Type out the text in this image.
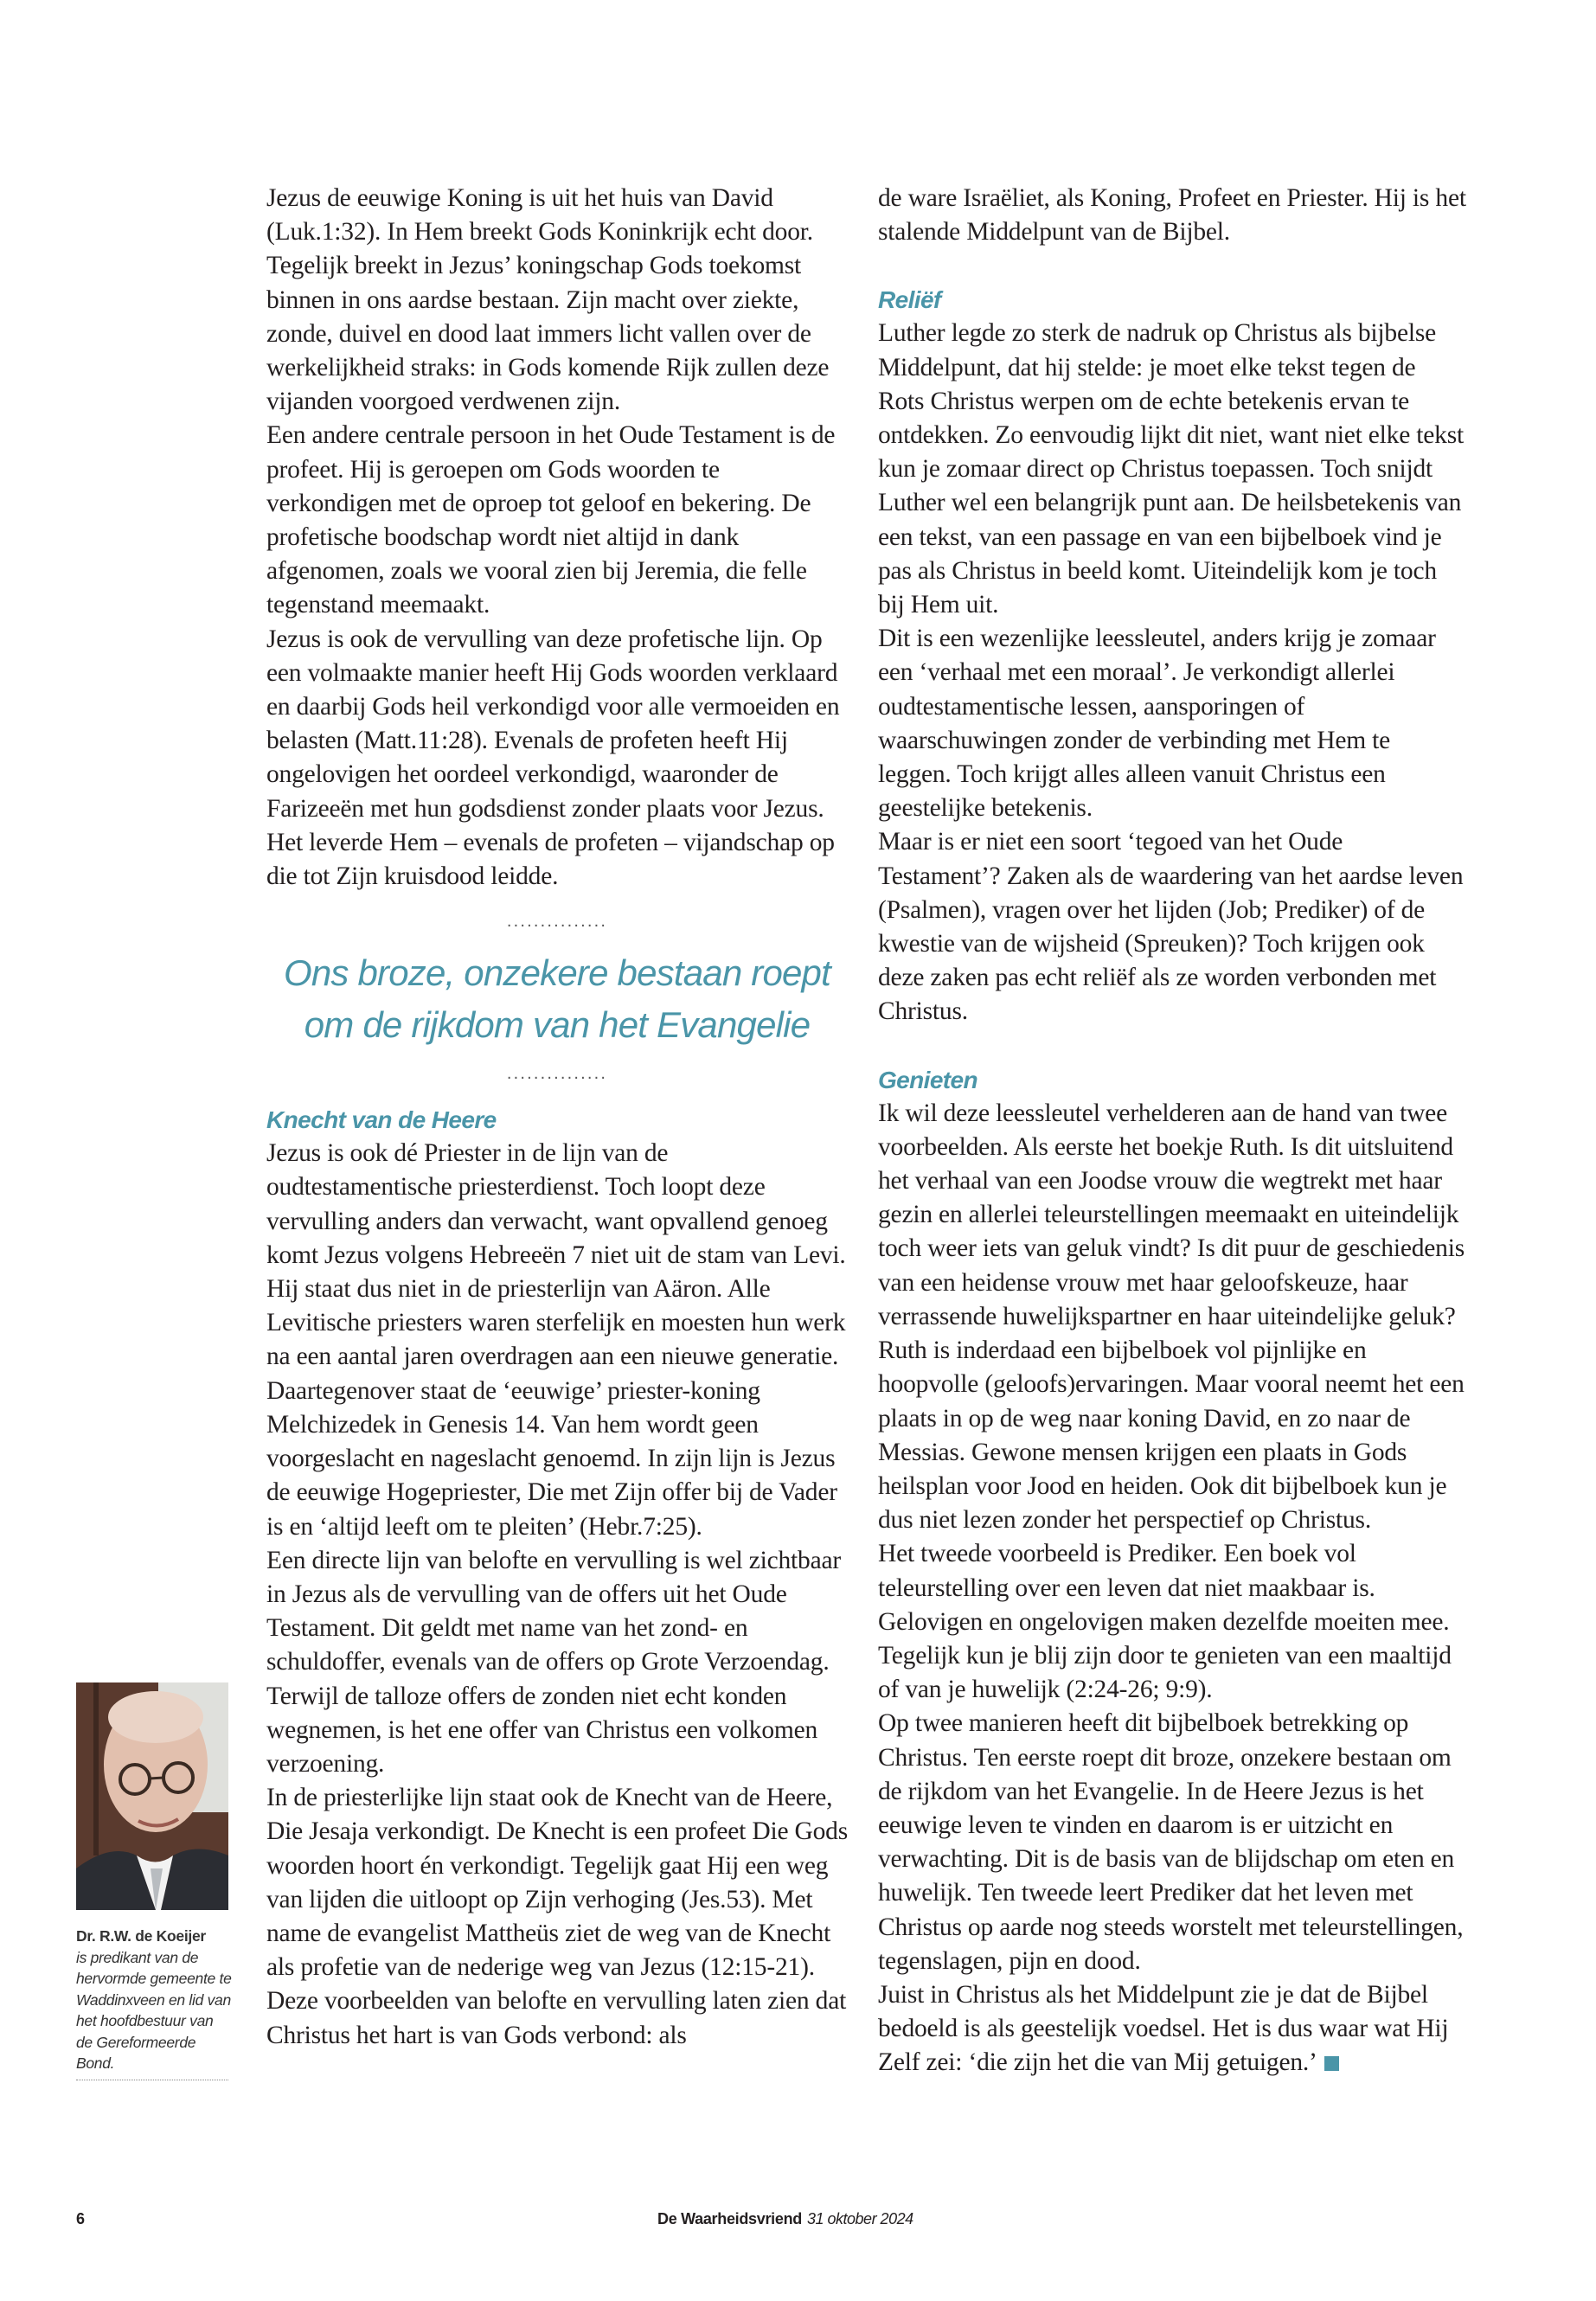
Jezus de eeuwige Koning is uit het huis van David (Luk.1:32). In Hem breekt Gods Koninkrijk echt door. Tegelijk breekt in Jezus’ koningschap Gods toekomst binnen in ons aardse bestaan. Zijn macht over ziekte, zonde, duivel en dood laat immers licht vallen over de werkelijkheid straks: in Gods komende Rijk zullen deze vijanden voorgoed verdwenen zijn.

Een andere centrale persoon in het Oude Testament is de profeet. Hij is geroepen om Gods woorden te verkondigen met de oproep tot geloof en bekering. De profetische boodschap wordt niet altijd in dank afgenomen, zoals we vooral zien bij Jeremia, die felle tegenstand meemaakt.

Jezus is ook de vervulling van deze profetische lijn. Op een volmaakte manier heeft Hij Gods woorden verklaard en daarbij Gods heil verkondigd voor alle vermoeiden en belasten (Matt.11:28). Evenals de profeten heeft Hij ongelovigen het oordeel verkondigd, waaronder de Farizeeën met hun godsdienst zonder plaats voor Jezus. Het leverde Hem – evenals de profeten – vijandschap op die tot Zijn kruisdood leidde.

...............
Ons broze, onzekere bestaan roept
om de rijkdom van het Evangelie
...............
Knecht van de Heere

Jezus is ook dé Priester in de lijn van de oudtestamentische priesterdienst. Toch loopt deze vervulling anders dan verwacht, want opvallend genoeg komt Jezus volgens Hebreeën 7 niet uit de stam van Levi. Hij staat dus niet in de priesterlijn van Aäron. Alle Levitische priesters waren sterfelijk en moesten hun werk na een aantal jaren overdragen aan een nieuwe generatie.

Daartegenover staat de ‘eeuwige’ priester-koning Melchizedek in Genesis 14. Van hem wordt geen voorgeslacht en nageslacht genoemd. In zijn lijn is Jezus de eeuwige Hogepriester, Die met Zijn offer bij de Vader is en ‘altijd leeft om te pleiten’ (Hebr.7:25).

Een directe lijn van belofte en vervulling is wel zichtbaar in Jezus als de vervulling van de offers uit het Oude Testament. Dit geldt met name van het zond- en schuldoffer, evenals van de offers op Grote Verzoendag. Terwijl de talloze offers de zonden niet echt konden wegnemen, is het ene offer van Christus een volkomen verzoening.

In de priesterlijke lijn staat ook de Knecht van de Heere, Die Jesaja verkondigt. De Knecht is een profeet Die Gods woorden hoort én verkondigt. Tegelijk gaat Hij een weg van lijden die uitloopt op Zijn verhoging (Jes.53). Met name de evangelist Mattheüs ziet de weg van de Knecht als profetie van de nederige weg van Jezus (12:15-21).

Deze voorbeelden van belofte en vervulling laten zien dat Christus het hart is van Gods verbond: als

de ware Israëliet, als Koning, Profeet en Priester. Hij is het stalende Middelpunt van de Bijbel.

Reliëf

Luther legde zo sterk de nadruk op Christus als bijbelse Middelpunt, dat hij stelde: je moet elke tekst tegen de Rots Christus werpen om de echte betekenis ervan te ontdekken. Zo eenvoudig lijkt dit niet, want niet elke tekst kun je zomaar direct op Christus toepassen. Toch snijdt Luther wel een belangrijk punt aan. De heilsbetekenis van een tekst, van een passage en van een bijbelboek vind je pas als Christus in beeld komt. Uiteindelijk kom je toch bij Hem uit.

Dit is een wezenlijke leessleutel, anders krijg je zomaar een ‘verhaal met een moraal’. Je verkondigt allerlei oudtestamentische lessen, aansporingen of waarschuwingen zonder de verbinding met Hem te leggen. Toch krijgt alles alleen vanuit Christus een geestelijke betekenis.

Maar is er niet een soort ‘tegoed van het Oude Testament’? Zaken als de waardering van het aardse leven (Psalmen), vragen over het lijden (Job; Prediker) of de kwestie van de wijsheid (Spreuken)? Toch krijgen ook deze zaken pas echt reliëf als ze worden verbonden met Christus.

Genieten

Ik wil deze leessleutel verhelderen aan de hand van twee voorbeelden. Als eerste het boekje Ruth. Is dit uitsluitend het verhaal van een Joodse vrouw die wegtrekt met haar gezin en allerlei teleurstellingen meemaakt en uiteindelijk toch weer iets van geluk vindt? Is dit puur de geschiedenis van een heidense vrouw met haar geloofskeuze, haar verrassende huwelijkspartner en haar uiteindelijke geluk?

Ruth is inderdaad een bijbelboek vol pijnlijke en hoopvolle (geloofs)ervaringen. Maar vooral neemt het een plaats in op de weg naar koning David, en zo naar de Messias. Gewone mensen krijgen een plaats in Gods heilsplan voor Jood en heiden. Ook dit bijbelboek kun je dus niet lezen zonder het perspectief op Christus.

Het tweede voorbeeld is Prediker. Een boek vol teleurstelling over een leven dat niet maakbaar is. Gelovigen en ongelovigen maken dezelfde moeiten mee. Tegelijk kun je blij zijn door te genieten van een maaltijd of van je huwelijk (2:24-26; 9:9).

Op twee manieren heeft dit bijbelboek betrekking op Christus. Ten eerste roept dit broze, onzekere bestaan om de rijkdom van het Evangelie. In de Heere Jezus is het eeuwige leven te vinden en daarom is er uitzicht en verwachting. Dit is de basis van de blijdschap om eten en huwelijk. Ten tweede leert Prediker dat het leven met Christus op aarde nog steeds worstelt met teleurstellingen, tegenslagen, pijn en dood.

Juist in Christus als het Middelpunt zie je dat de Bijbel bedoeld is als geestelijk voedsel. Het is dus waar wat Hij Zelf zei: ‘die zijn het die van Mij getuigen.’

Dr. R.W. de Koeijer
is predikant van de hervormde gemeente te Waddinxveen en lid van het hoofdbestuur van de Gereformeerde Bond.
6	De Waarheidsvriend 31 oktober 2024
